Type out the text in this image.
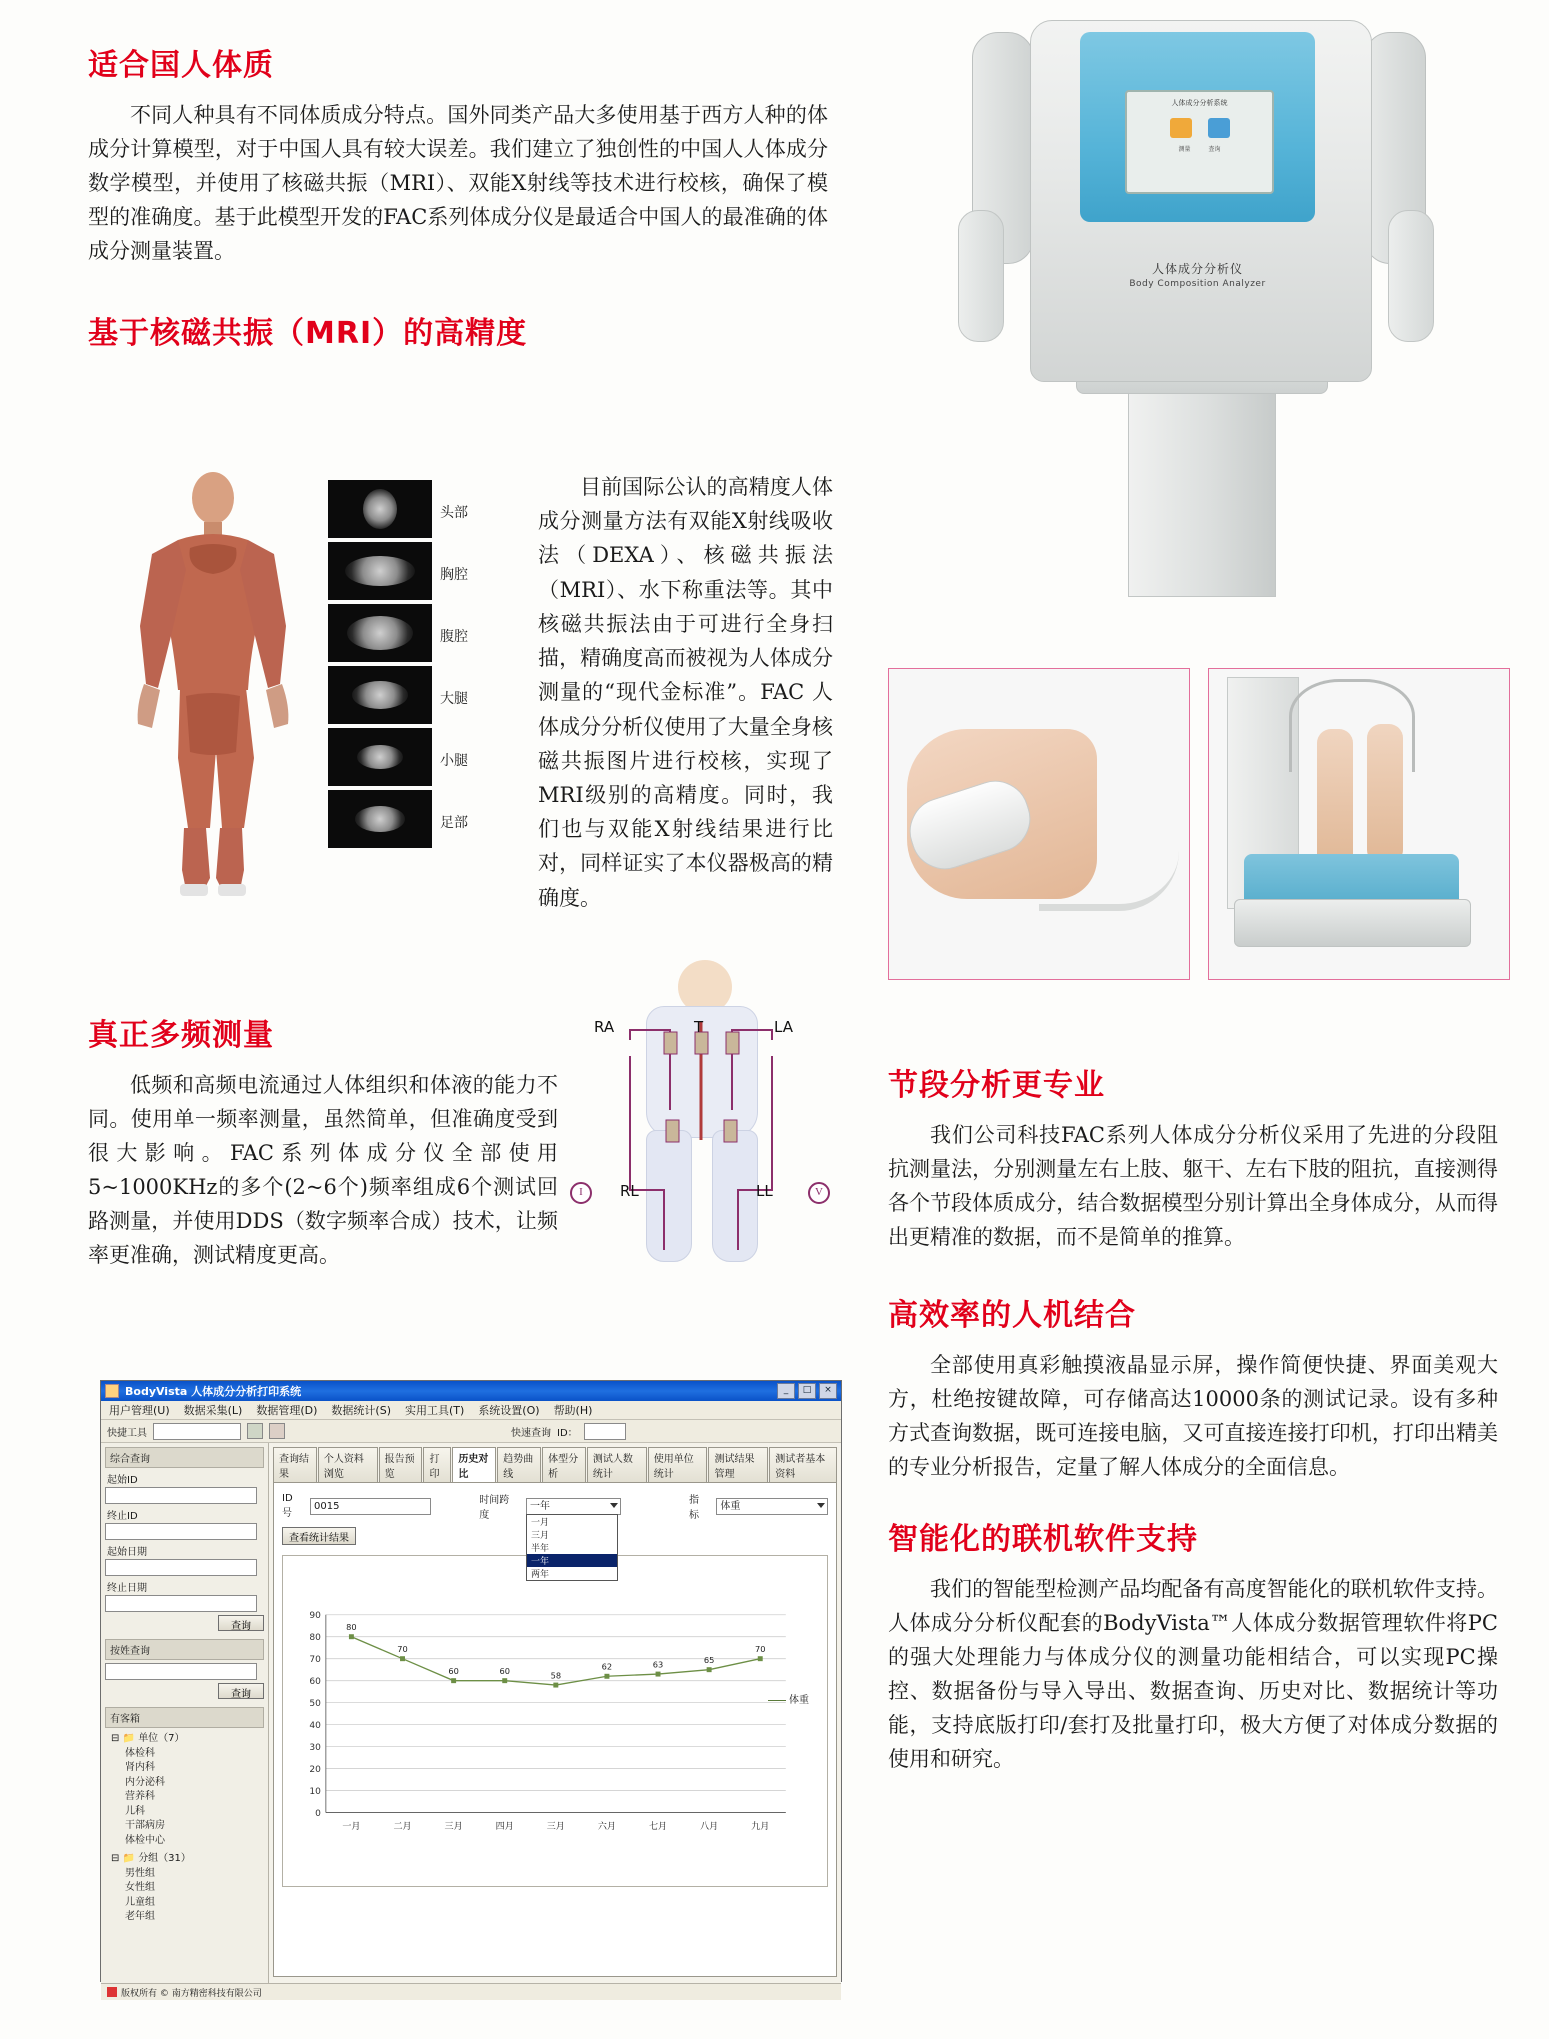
适合国人体质

不同人种具有不同体质成分特点。国外同类产品大多使用基于西方人种的体成分计算模型，对于中国人具有较大误差。我们建立了独创性的中国人人体成分数学模型，并使用了核磁共振（MRI）、双能X射线等技术进行校核，确保了模型的准确度。基于此模型开发的FAC系列体成分仪是最适合中国人的最准确的体成分测量装置。

基于核磁共振（MRI）的高精度
头部
胸腔
腹腔
大腿
小腿
足部

目前国际公认的高精度人体成分测量方法有双能X射线吸收法（DEXA）、核磁共振法（MRI）、水下称重法等。其中核磁共振法由于可进行全身扫描，精确度高而被视为人体成分测量的“现代金标准”。FAC 人体成分分析仪使用了大量全身核磁共振图片进行校核，实现了MRI级别的高精度。同时，我们也与双能X射线结果进行比对，同样证实了本仪器极高的精确度。

真正多频测量

低频和高频电流通过人体组织和体液的能力不同。使用单一频率测量，虽然简单，但准确度受到很大影响。FAC系列体成分仪全部使用5~1000KHz的多个(2~6个)频率组成6个测试回路测量，并使用DDS（数字频率合成）技术，让频率更准确，测试精度更高。

RA	T	LA
RL	LL
I	V
节段分析更专业

我们公司科技FAC系列人体成分分析仪采用了先进的分段阻抗测量法，分别测量左右上肢、躯干、左右下肢的阻抗，直接测得各个节段体质成分，结合数据模型分别计算出全身体成分，从而得出更精准的数据，而不是简单的推算。

高效率的人机结合

全部使用真彩触摸液晶显示屏，操作简便快捷、界面美观大方，杜绝按键故障，可存储高达10000条的测试记录。设有多种方式查询数据，既可连接电脑，又可直接连接打印机，打印出精美的专业分析报告，定量了解人体成分的全面信息。

智能化的联机软件支持

我们的智能型检测产品均配备有高度智能化的联机软件支持。人体成分分析仪配套的BodyVista™人体成分数据管理软件将PC的强大处理能力与体成分仪的测量功能相结合，可以实现PC操控、数据备份与导入导出、数据查询、历史对比、数据统计等功能，支持底版打印/套打及批量打印，极大方便了对体成分数据的使用和研究。

人体成分分析系统
测量	查询
人体成分分析仪
Body Composition Analyzer
BodyVista 人体成分分析打印系统	_	□	×
用户管理(U) 数据采集(L) 数据管理(D) 数据统计(S) 实用工具(T) 系统设置(O) 帮助(H)
快捷工具	快速查询 ID：
综合查询
起始ID
终止ID
起始日期
终止日期
查询
按姓查询
查询
有客箱
⊟ 📁 单位（7）
体检科
肾内科
内分泌科
营养科
儿科
干部病房
体检中心
⊟ 📁 分组（31）
男性组
女性组
儿童组
老年组
查询结果
个人资料浏览
报告预览
打印
历史对比
趋势曲线
体型分析
测试人数统计
使用单位统计
测试结果管理
测试者基本资料
ID号
0015	时间跨度
一年
一月
三月
半年
一年
两年
指标
体重
查看统计结果
0
10
20
30
40
50
60
70
80
90
一月	二月	三月	四月	三月	六月	七月	八月	九月
80
70
60	60	58
62	63	65
70
体重
版权所有 © 南方精密科技有限公司
